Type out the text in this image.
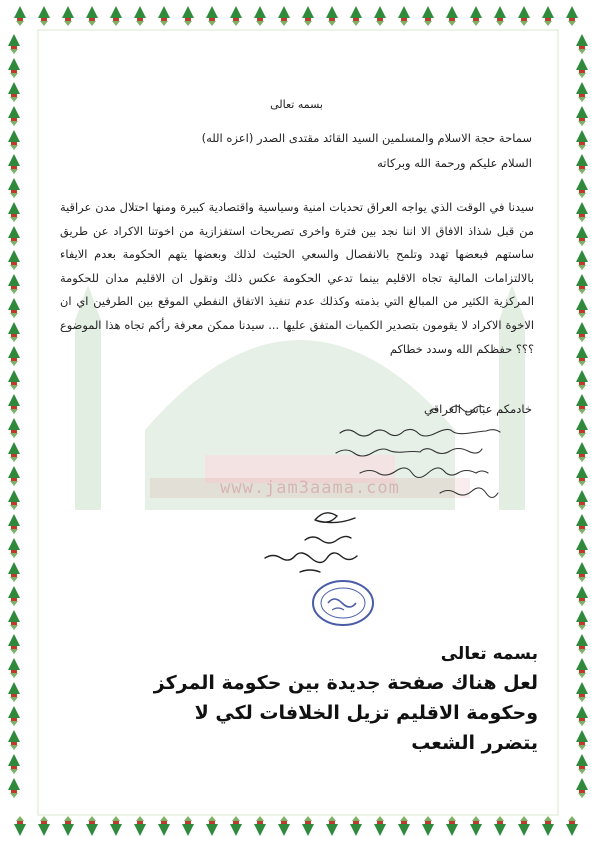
www.jam3aama.com
بسمه تعالى
سماحة حجة الاسلام والمسلمين السيد القائد مقتدى الصدر (اعزه الله)
السلام عليكم ورحمة الله وبركاته
سيدنا في الوقت الذي يواجه العراق تحديات امنية وسياسية واقتصادية كبيرة ومنها احتلال مدن عراقية من قبل شذاذ الافاق الا اننا نجد بين فترة واخرى تصريحات استفزازية من اخوتنا الاكراد عن طريق ساستهم فبعضها تهدد وتلمح بالانفصال والسعي الحثيث لذلك وبعضها يتهم الحكومة بعدم الايفاء بالالتزامات المالية تجاه الاقليم بينما تدعي الحكومة عكس ذلك وتقول ان الاقليم مدان للحكومة المركزية الكثير من المبالغ التي بذمته وكذلك عدم تنفيذ الاتفاق النفطي الموقع بين الطرفين اي ان الاخوة الاكراد لا يقومون بتصدير الكميات المتفق عليها ... سيدنا ممكن معرفة رأكم تجاه هذا الموضوع ؟؟؟ حفظكم الله وسدد خطاكم
خادمكم عباس العراقي
بسمه تعالى
لعل هناك صفحة جديدة بين حكومة المركز
وحكومة الاقليم تزيل الخلافات لكي لا
يتضرر الشعب
